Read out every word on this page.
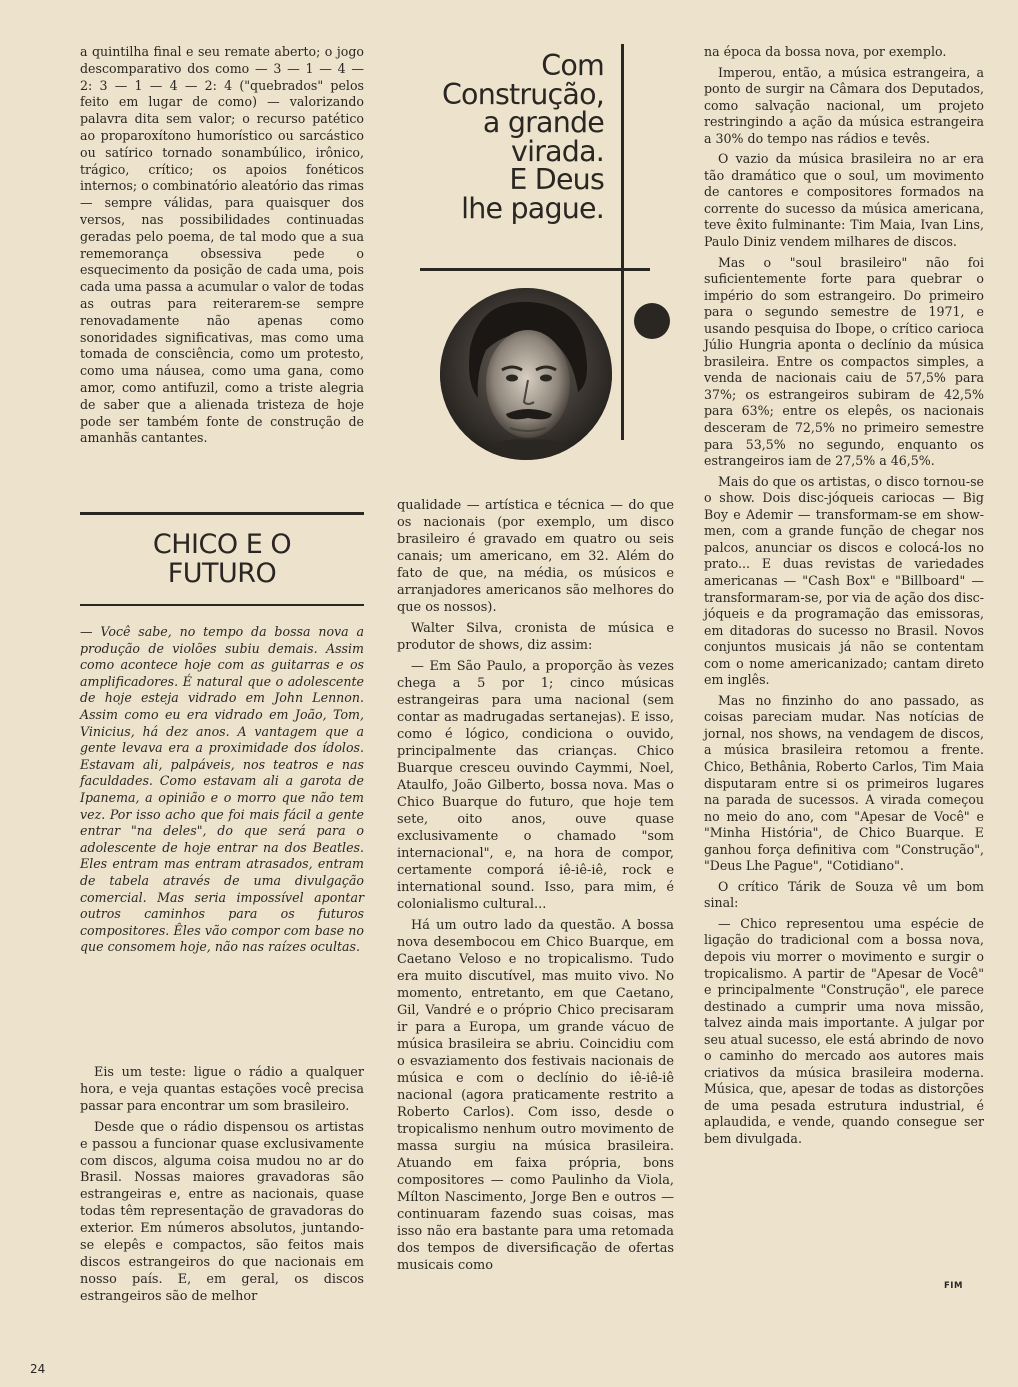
a quintilha final e seu remate aberto; o jogo descomparativo dos como — 3 — 1 — 4 — 2: 3 — 1 — 4 — 2: 4 ("quebrados" pelos feito em lugar de como) — valorizando palavra dita sem valor; o recurso patético ao proparoxítono humorístico ou sarcástico ou satírico tornado sonambúlico, irônico, trágico, crítico; os apoios fonéticos internos; o combinatório aleatório das rimas — sempre válidas, para quaisquer dos versos, nas possibilidades continuadas geradas pelo poema, de tal modo que a sua rememorança obsessiva pede o esquecimento da posição de cada uma, pois cada uma passa a acumular o valor de todas as outras para reiterarem-se sempre renovadamente não apenas como sonoridades significativas, mas como uma tomada de consciência, como um protesto, como uma náusea, como uma gana, como amor, como antifuzil, como a triste alegria de saber que a alienada tristeza de hoje pode ser também fonte de construção de amanhãs cantantes.

CHICO E O
FUTURO
— Você sabe, no tempo da bossa nova a produção de violões subiu demais. Assim como acontece hoje com as guitarras e os amplificadores. É natural que o adolescente de hoje esteja vidrado em John Lennon. Assim como eu era vidrado em João, Tom, Vinicius, há dez anos. A vantagem que a gente levava era a proximidade dos ídolos. Estavam ali, palpáveis, nos teatros e nas faculdades. Como estavam ali a garota de Ipanema, a opinião e o morro que não tem vez. Por isso acho que foi mais fácil a gente entrar "na deles", do que será para o adolescente de hoje entrar na dos Beatles. Eles entram mas entram atrasados, entram de tabela através de uma divulgação comercial. Mas seria impossível apontar outros caminhos para os futuros compositores. Êles vão compor com base no que consomem hoje, não nas raízes ocultas.

Eis um teste: ligue o rádio a qualquer hora, e veja quantas estações você precisa passar para encontrar um som brasileiro.

Desde que o rádio dispensou os artistas e passou a funcionar quase exclusivamente com discos, alguma coisa mudou no ar do Brasil. Nossas maiores gravadoras são estrangeiras e, entre as nacionais, quase todas têm representação de gravadoras do exterior. Em números absolutos, juntando-se elepês e compactos, são feitos mais discos estrangeiros do que nacionais em nosso país. E, em geral, os discos estrangeiros são de melhor

Com
Construção,
a grande virada.
E Deus
lhe pague.

qualidade — artística e técnica — do que os nacionais (por exemplo, um disco brasileiro é gravado em quatro ou seis canais; um americano, em 32. Além do fato de que, na média, os músicos e arranjadores americanos são melhores do que os nossos).

Walter Silva, cronista de música e produtor de shows, diz assim:

— Em São Paulo, a proporção às vezes chega a 5 por 1; cinco músicas estrangeiras para uma nacional (sem contar as madrugadas sertanejas). E isso, como é lógico, condiciona o ouvido, principalmente das crianças. Chico Buarque cresceu ouvindo Caymmi, Noel, Ataulfo, João Gilberto, bossa nova. Mas o Chico Buarque do futuro, que hoje tem sete, oito anos, ouve quase exclusivamente o chamado "som internacional", e, na hora de compor, certamente comporá iê-iê-iê, rock e international sound. Isso, para mim, é colonialismo cultural...

Há um outro lado da questão. A bossa nova desembocou em Chico Buarque, em Caetano Veloso e no tropicalismo. Tudo era muito discutível, mas muito vivo. No momento, entretanto, em que Caetano, Gil, Vandré e o próprio Chico precisaram ir para a Europa, um grande vácuo de música brasileira se abriu. Coincidiu com o esvaziamento dos festivais nacionais de música e com o declínio do iê-iê-iê nacional (agora praticamente restrito a Roberto Carlos). Com isso, desde o tropicalismo nenhum outro movimento de massa surgiu na música brasileira. Atuando em faixa própria, bons compositores — como Paulinho da Viola, Mílton Nascimento, Jorge Ben e outros — continuaram fazendo suas coisas, mas isso não era bastante para uma retomada dos tempos de diversificação de ofertas musicais como

na época da bossa nova, por exemplo.

Imperou, então, a música estrangeira, a ponto de surgir na Câmara dos Deputados, como salvação nacional, um projeto restringindo a ação da música estrangeira a 30% do tempo nas rádios e tevês.

O vazio da música brasileira no ar era tão dramático que o soul, um movimento de cantores e compositores formados na corrente do sucesso da música americana, teve êxito fulminante: Tim Maia, Ivan Lins, Paulo Diniz vendem milhares de discos.

Mas o "soul brasileiro" não foi suficientemente forte para quebrar o império do som estrangeiro. Do primeiro para o segundo semestre de 1971, e usando pesquisa do Ibope, o crítico carioca Júlio Hungria aponta o declínio da música brasileira. Entre os compactos simples, a venda de nacionais caiu de 57,5% para 37%; os estrangeiros subiram de 42,5% para 63%; entre os elepês, os nacionais desceram de 72,5% no primeiro semestre para 53,5% no segundo, enquanto os estrangeiros iam de 27,5% a 46,5%.

Mais do que os artistas, o disco tornou-se o show. Dois disc-jóqueis cariocas — Big Boy e Ademir — transformam-se em show-men, com a grande função de chegar nos palcos, anunciar os discos e colocá-los no prato... E duas revistas de variedades americanas — "Cash Box" e "Billboard" — transformaram-se, por via de ação dos disc-jóqueis e da programação das emissoras, em ditadoras do sucesso no Brasil. Novos conjuntos musicais já não se contentam com o nome americanizado; cantam direto em inglês.

Mas no finzinho do ano passado, as coisas pareciam mudar. Nas notícias de jornal, nos shows, na vendagem de discos, a música brasileira retomou a frente. Chico, Bethânia, Roberto Carlos, Tim Maia disputaram entre si os primeiros lugares na parada de sucessos. A virada começou no meio do ano, com "Apesar de Você" e "Minha História", de Chico Buarque. E ganhou força definitiva com "Construção", "Deus Lhe Pague", "Cotidiano".

O crítico Tárik de Souza vê um bom sinal:

— Chico representou uma espécie de ligação do tradicional com a bossa nova, depois viu morrer o movimento e surgir o tropicalismo. A partir de "Apesar de Você" e principalmente "Construção", ele parece destinado a cumprir uma nova missão, talvez ainda mais importante. A julgar por seu atual sucesso, ele está abrindo de novo o caminho do mercado aos autores mais criativos da música brasileira moderna. Música, que, apesar de todas as distorções de uma pesada estrutura industrial, é aplaudida, e vende, quando consegue ser bem divulgada.

FIM
24
